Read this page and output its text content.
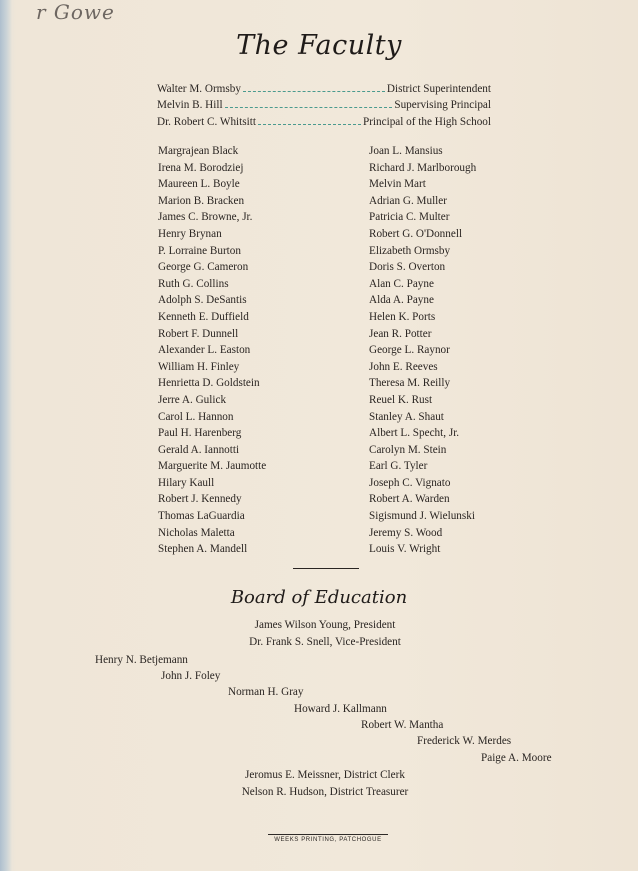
r Gowe
The Faculty
Walter M. Ormsby	District Superintendent
Melvin B. Hill	Supervising Principal
Dr. Robert C. Whitsitt	Principal of the High School
Margrajean Black
Irena M. Borodziej
Maureen L. Boyle
Marion B. Bracken
James C. Browne, Jr.
Henry Brynan
P. Lorraine Burton
George G. Cameron
Ruth G. Collins
Adolph S. DeSantis
Kenneth E. Duffield
Robert F. Dunnell
Alexander L. Easton
William H. Finley
Henrietta D. Goldstein
Jerre A. Gulick
Carol L. Hannon
Paul H. Harenberg
Gerald A. Iannotti
Marguerite M. Jaumotte
Hilary Kaull
Robert J. Kennedy
Thomas LaGuardia
Nicholas Maletta
Stephen A. Mandell
Joan L. Mansius
Richard J. Marlborough
Melvin Mart
Adrian G. Muller
Patricia C. Multer
Robert G. O'Donnell
Elizabeth Ormsby
Doris S. Overton
Alan C. Payne
Alda A. Payne
Helen K. Ports
Jean R. Potter
George L. Raynor
John E. Reeves
Theresa M. Reilly
Reuel K. Rust
Stanley A. Shaut
Albert L. Specht, Jr.
Carolyn M. Stein
Earl G. Tyler
Joseph C. Vignato
Robert A. Warden
Sigismund J. Wielunski
Jeremy S. Wood
Louis V. Wright
Board of Education
James Wilson Young, President
Dr. Frank S. Snell, Vice-President
Henry N. Betjemann
John J. Foley
Norman H. Gray
Howard J. Kallmann
Robert W. Mantha
Frederick W. Merdes
Paige A. Moore
Jeromus E. Meissner, District Clerk
Nelson R. Hudson, District Treasurer
WEEKS PRINTING, PATCHOGUE
